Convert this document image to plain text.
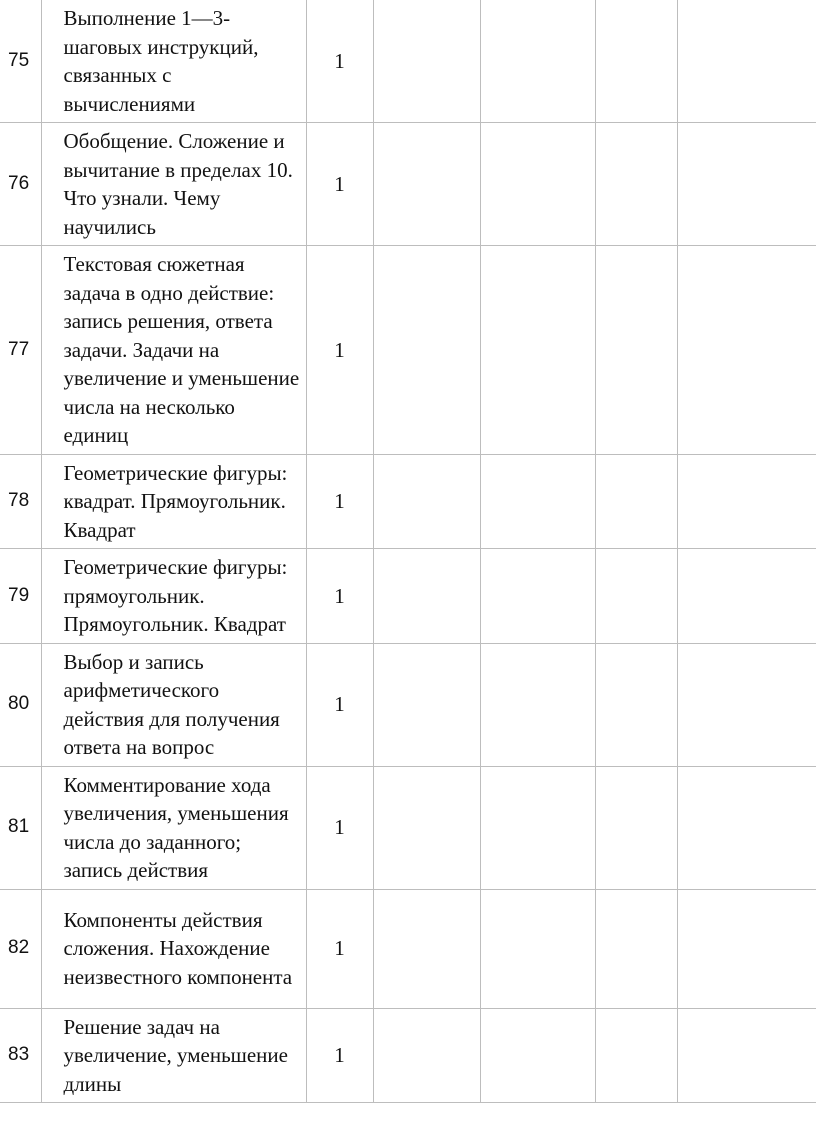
75	Выполнение 1—3-шаговых инструкций, связанных с вычислениями	1				
76	Обобщение. Сложение и вычитание в пределах 10. Что узнали. Чему научились	1				
77	Текстовая сюжетная задача в одно действие: запись решения, ответа задачи. Задачи на увеличение и уменьшение числа на несколько единиц	1				
78	Геометрические фигуры: квадрат. Прямоугольник. Квадрат	1				
79	Геометрические фигуры: прямоугольник. Прямоугольник. Квадрат	1				
80	Выбор и запись арифметического действия для получения ответа на вопрос	1				
81	Комментирование хода увеличения, уменьшения числа до заданного; запись действия	1				
82	Компоненты действия сложения. Нахождение неизвестного компонента	1				
83	Решение задач на увеличение, уменьшение длины	1				
